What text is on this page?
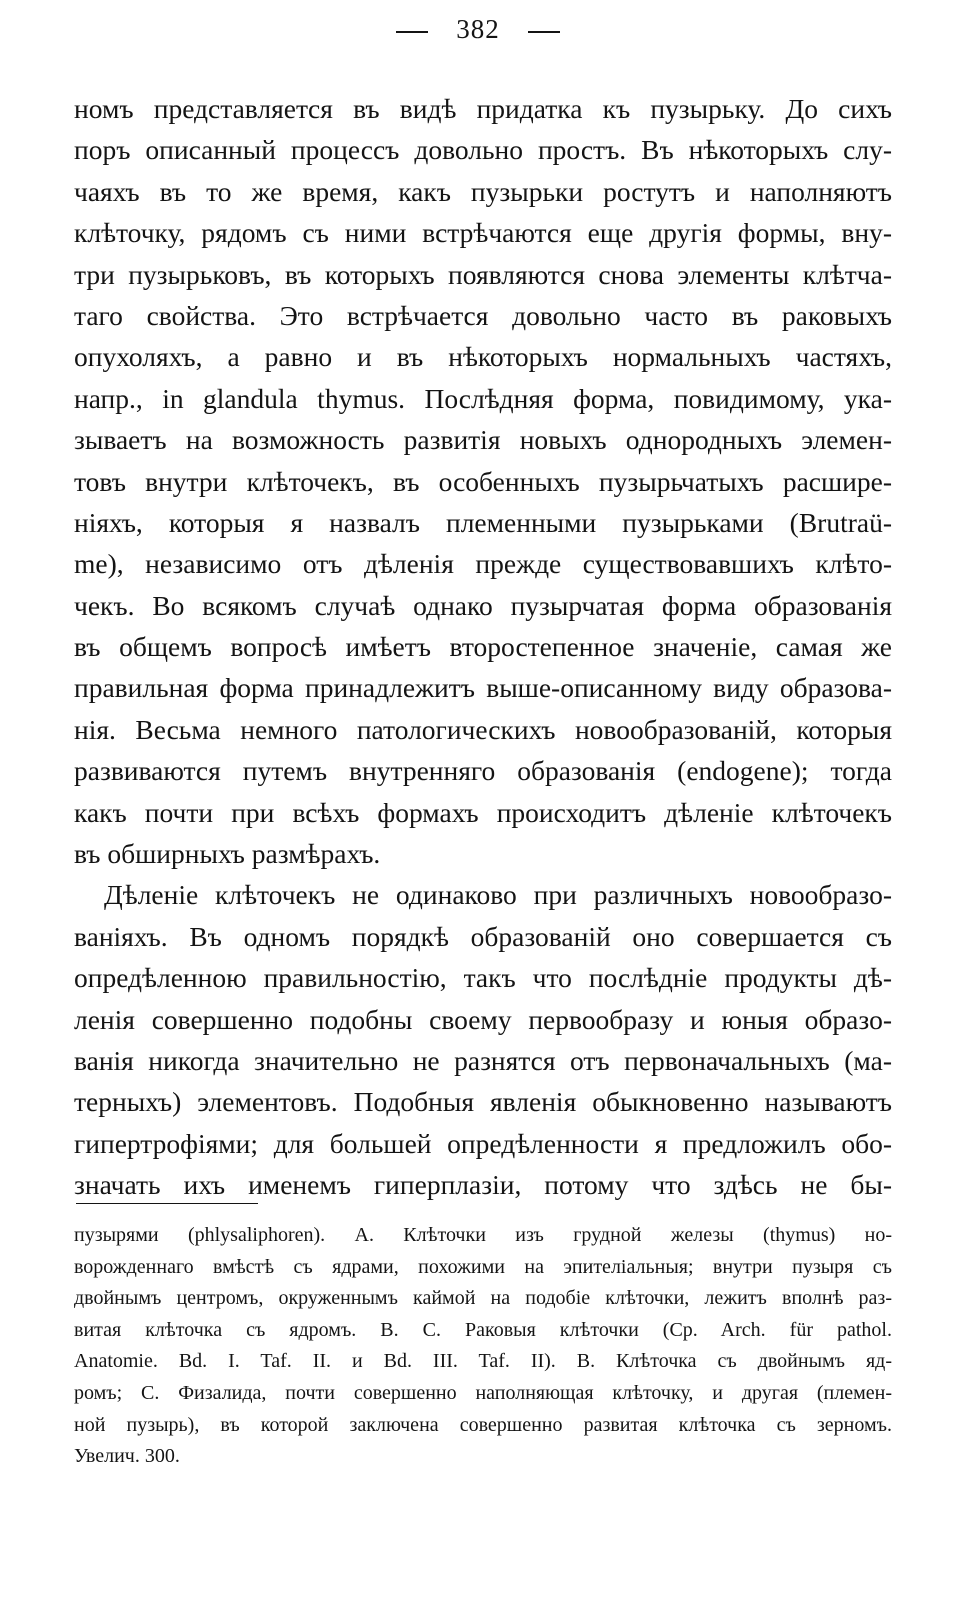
382
номъ представляетcя въ видѣ придатка къ пузырьку. До сихъ
поръ описанный процессъ довольно простъ. Въ нѣкоторыхъ слу-
чаяхъ въ то же время, какъ пузырьки ростутъ и наполняютъ
клѣточку, рядомъ съ ними встрѣчаются еще другія формы, вну-
три пузырьковъ, въ которыхъ появляются снова элементы клѣтча-
таго свойства. Это встрѣчается довольно часто въ раковыхъ
опухоляхъ, а равно и въ нѣкоторыхъ нормальныхъ частяхъ,
напр., in glandula thymus. Послѣдняя форма, повидимому, ука-
зываетъ на возможность развитія новыхъ однородныхъ элемен-
товъ внутри клѣточекъ, въ особенныхъ пузырьчатыхъ расшире-
ніяхъ, которыя я назвалъ племенными пузырьками (Brutraü-
me), независимо отъ дѣленія прежде существовавшихъ клѣто-
чекъ. Во всякомъ случаѣ однако пузырчатая форма образованія
въ общемъ вопросѣ имѣетъ второстепенное значеніе, самая же
правильная форма принадлежитъ выше-описанному виду образова-
нія. Весьма немного патологическихъ новообразованій, которыя
развиваются путемъ внутренняго образованія (endogene); тогда
какъ почти при всѣхъ формахъ происходитъ дѣленіе клѣточекъ
въ обширныхъ размѣрахъ.
Дѣленіе клѣточекъ не одинаково при различныхъ новообразо-
ваніяхъ. Въ одномъ порядкѣ образованій оно совершается съ
опредѣленною правильностію, такъ что послѣдніе продукты дѣ-
ленія совершенно подобны своему первообразу и юныя образо-
ванія никогда значительно не разнятся отъ первоначальныхъ (ма-
терныхъ) элементовъ. Подобныя явленія обыкновенно называютъ
гипертрофіями; для большей опредѣленности я предложилъ обо-
значать ихъ именемъ гиперплазіи, потому что здѣсь не бы-
пузырями (phlysaliphoren). A. Клѣточки изъ грудной железы (thymus) но-
ворожденнаго вмѣстѣ съ ядрами, похожими на эпителіальныя; внутри пузыря съ
двойнымъ центромъ, окруженнымъ каймой на подобіе клѣточки, лежитъ вполнѣ раз-
витая клѣточка съ ядромъ. B. C. Раковыя клѣточки (Cp. Arch. für pathol.
Anatomie. Bd. I. Taf. II. и Bd. III. Taf. II). B. Клѣточка съ двойнымъ яд-
ромъ; C. Физалида, почти совершенно наполняющая клѣточку, и другая (племен-
ной пузырь), въ которой заключена совершенно развитая клѣточка съ зерномъ.
Увелич. 300.
